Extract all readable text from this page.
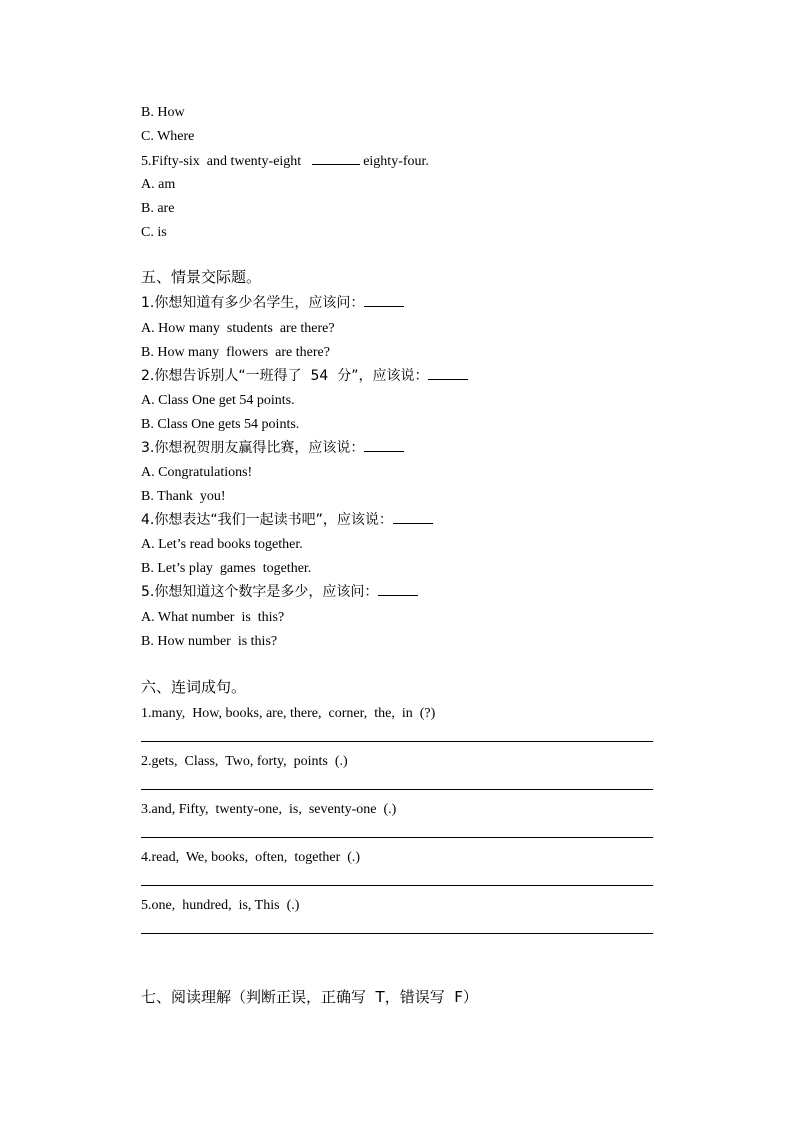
B. How
C. Where
5.Fifty-six  and twenty-eight	eighty-four.
A. am
B. are
C. is
五、情景交际题。
1.你想知道有多少名学生，应该问：
A. How many  students  are there?
B. How many  flowers  are there?
2.你想告诉别人“一班得了  54  分”，应该说：
A. Class One get 54 points.
B. Class One gets 54 points.
3.你想祝贺朋友赢得比赛，应该说：
A. Congratulations!
B. Thank  you!
4.你想表达“我们一起读书吧”，应该说：
A. Let’s read books together.
B. Let’s play  games  together.
5.你想知道这个数字是多少，应该问：
A. What number  is  this?
B. How number  is this?
六、连词成句。
1.many,  How, books, are, there,  corner,  the,  in  (?)
2.gets,  Class,  Two, forty,  points  (.)
3.and, Fifty,  twenty-one,  is,  seventy-one  (.)
4.read,  We, books,  often,  together  (.)
5.one,  hundred,  is, This  (.)
七、阅读理解（判断正误，正确写  T，错误写  F）
